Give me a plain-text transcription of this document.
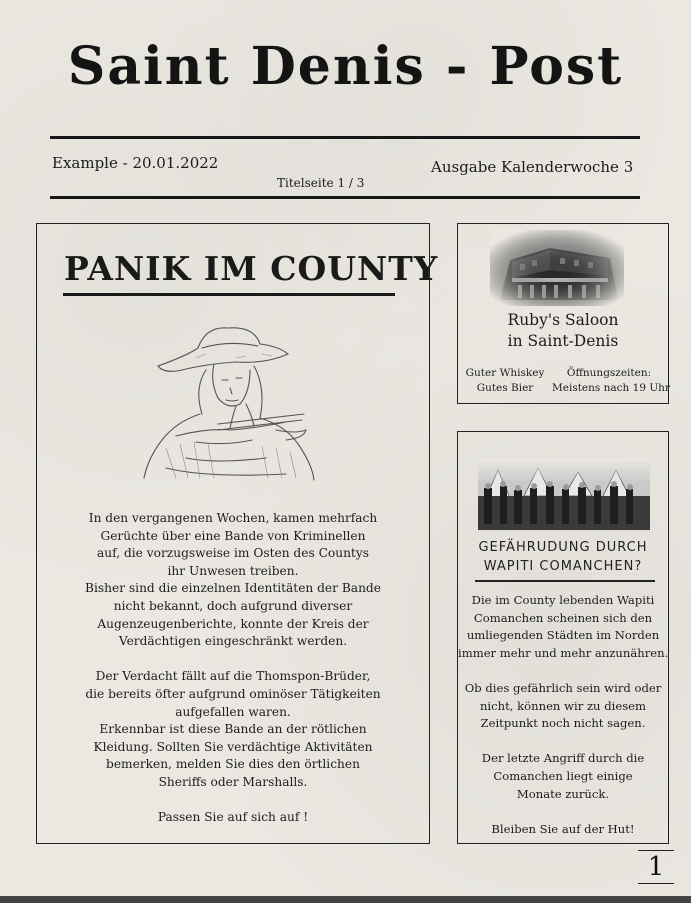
Saint Denis - Post
Example - 20.01.2022	Ausgabe Kalenderwoche 3
Titelseite 1 / 3
PANIK IM COUNTY
In den vergangenen Wochen, kamen mehrfach
Gerüchte über eine Bande von Kriminellen
auf, die vorzugsweise im Osten des Countys
ihr Unwesen treiben.
Bisher sind die einzelnen Identitäten der Bande
nicht bekannt, doch aufgrund diverser
Augenzeugenberichte, konnte der Kreis der
Verdächtigen eingeschränkt werden.
Der Verdacht fällt auf die Thomspon-Brüder,
die bereits öfter aufgrund ominöser Tätigkeiten
aufgefallen waren.
Erkennbar ist diese Bande an der rötlichen
Kleidung. Sollten Sie verdächtige Aktivitäten
bemerken, melden Sie dies den örtlichen
Sheriffs oder Marshalls.
Passen Sie auf sich auf !
Ruby's Saloon
in Saint-Denis
Guter Whiskey
Gutes Bier
Öffnungszeiten:
Meistens nach 19 Uhr
GEFÄHRUDUNG DURCH
WAPITI COMANCHEN?
Die im County lebenden Wapiti
Comanchen scheinen sich den
umliegenden Städten im Norden
immer mehr und mehr anzunähren.
Ob dies gefährlich sein wird oder
nicht, können wir zu diesem
Zeitpunkt noch nicht sagen.
Der letzte Angriff durch die
Comanchen liegt einige
Monate zurück.
Bleiben Sie auf der Hut!
1
